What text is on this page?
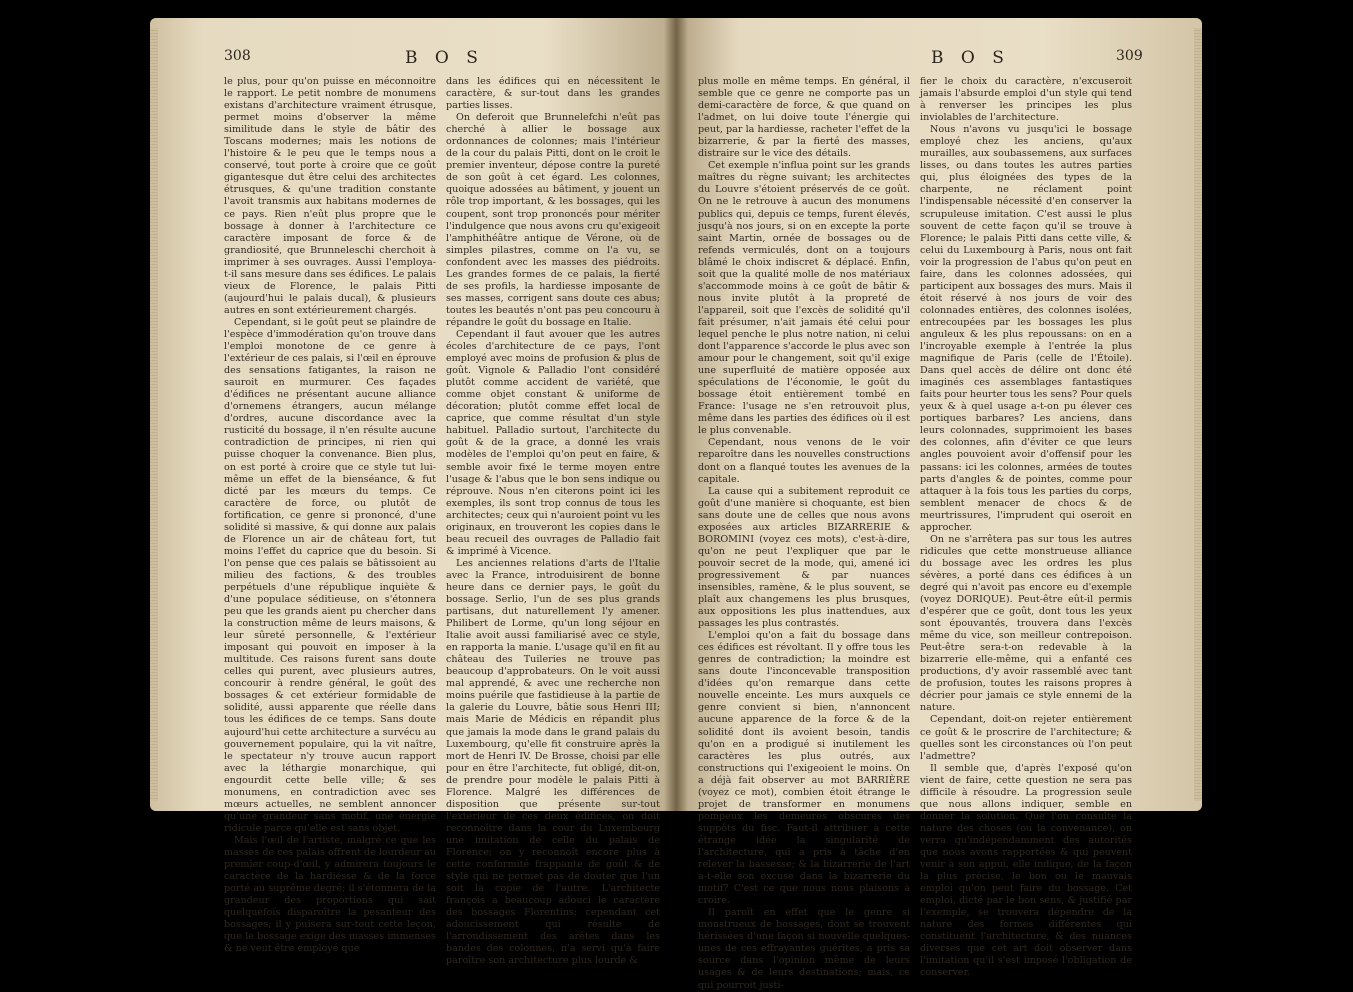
308	B O S

le plus, pour qu'on puisse en méconnoitre le rapport. Le petit nombre de monumens existans d'architecture vraiment étrusque, permet moins d'observer la même similitude dans le style de bâtir des Toscans modernes; mais les notions de l'histoire & le peu que le temps nous a conservé, tout porte à croire que ce goût gigantesque dut être celui des architectes étrusques, & qu'une tradition constante l'avoit transmis aux habitans modernes de ce pays. Rien n'eût plus propre que le bossage à donner à l'architecture ce caractère imposant de force & de grandiosité, que Brunneleschi cherchoit à imprimer à ses ouvrages. Aussi l'employa-t-il sans mesure dans ses édifices. Le palais vieux de Florence, le palais Pitti (aujourd'hui le palais ducal), & plusieurs autres en sont extérieurement chargés.

Cependant, si le goût peut se plaindre de l'espèce d'immodération qu'on trouve dans l'emploi monotone de ce genre à l'extérieur de ces palais, si l'œil en éprouve des sensations fatigantes, la raison ne sauroit en murmurer. Ces façades d'édifices ne présentant aucune alliance d'ornemens étrangers, aucun mélange d'ordres, aucune discordance avec la rusticité du bossage, il n'en résulte aucune contradiction de principes, ni rien qui puisse choquer la convenance. Bien plus, on est porté à croire que ce style tut lui-même un effet de la bienséance, & fut dicté par les mœurs du temps. Ce caractère de force, ou plutôt de fortification, ce genre si prononcé, d'une solidité si massive, & qui donne aux palais de Florence un air de château fort, tut moins l'effet du caprice que du besoin. Si l'on pense que ces palais se bâtissoient au milieu des factions, & des troubles perpétuels d'une république inquiète & d'une populace séditieuse, on s'étonnera peu que les grands aient pu chercher dans la construction même de leurs maisons, & leur sûreté personnelle, & l'extérieur imposant qui pouvoit en imposer à la multitude. Ces raisons furent sans doute celles qui purent, avec plusieurs autres, concourir à rendre général, le goût des bossages & cet extérieur formidable de solidité, aussi apparente que réelle dans tous les édifices de ce temps. Sans doute aujourd'hui cette architecture a survécu au gouvernement populaire, qui la vit naître, le spectateur n'y trouve aucun rapport avec la léthargie monarchique, qui engourdit cette belle ville; & ses monumens, en contradiction avec ses mœurs actuelles, ne semblent annoncer qu'une grandeur sans motif, une énergie ridicule parce qu'elle est sans objet.

Mais l'œil de l'artiste, malgré ce que les masses de ces palais offrent de lourdeur au premier coup-d'œil, y admirera toujours le caractère de la hardiesse & de la force porté au suprême degré; il s'étonnera de la grandeur des proportions qui sait quelquefois disparoître la pesanteur des bossages; il y puisera sur-tout cette leçon, que le bossage exige des masses immenses & ne veut être employé que

dans les édifices qui en nécessitent le caractère, & sur-tout dans les grandes parties lisses.

On deferoit que Brunnelefchi n'eût pas cherché à allier le bossage aux ordonnances de colonnes; mais l'intérieur de la cour du palais Pitti, dont on le croit le premier inventeur, dépose contre la pureté de son goût à cet égard. Les colonnes, quoique adossées au bâtiment, y jouent un rôle trop important, & les bossages, qui les coupent, sont trop prononcés pour mériter l'indulgence que nous avons cru qu'exigeoit l'amphithéâtre antique de Vérone, où de simples pilastres, comme on l'a vu, se confondent avec les masses des piédroits. Les grandes formes de ce palais, la fierté de ses profils, la hardiesse imposante de ses masses, corrigent sans doute ces abus; toutes les beautés n'ont pas peu concouru à répandre le goût du bossage en Italie.

Cependant il faut avouer que les autres écoles d'architecture de ce pays, l'ont employé avec moins de profusion & plus de goût. Vignole & Palladio l'ont considéré plutôt comme accident de variété, que comme objet constant & uniforme de décoration; plutôt comme effet local de caprice, que comme résultat d'un style habituel. Palladio surtout, l'architecte du goût & de la grace, a donné les vrais modèles de l'emploi qu'on peut en faire, & semble avoir fixé le terme moyen entre l'usage & l'abus que le bon sens indique ou réprouve. Nous n'en citerons point ici les exemples, ils sont trop connus de tous les architectes; ceux qui n'auroient point vu les originaux, en trouveront les copies dans le beau recueil des ouvrages de Palladio fait & imprimé à Vicence.

Les anciennes relations d'arts de l'Italie avec la France, introduisirent de bonne heure dans ce dernier pays, le goût du bossage. Serlio, l'un de ses plus grands partisans, dut naturellement l'y amener. Philibert de Lorme, qu'un long séjour en Italie avoit aussi familiarisé avec ce style, en rapporta la manie. L'usage qu'il en fit au château des Tuileries ne trouve pas beaucoup d'approbateurs. On le voit aussi mal apprendé, & avec une recherche non moins puérile que fastidieuse à la partie de la galerie du Louvre, bâtie sous Henri III; mais Marie de Médicis en répandit plus que jamais la mode dans le grand palais du Luxembourg, qu'elle fit construire après la mort de Henri IV. De Brosse, choisi par elle pour en être l'architecte, fut obligé, dit-on, de prendre pour modèle le palais Pitti à Florence. Malgré les différences de disposition que présente sur-tout l'extérieur de ces deux édifices, on doit reconnoître dans la cour du Luxembourg une imitation de celle du palais de Florence; on y reconnoît encore plus à cette conformité frappante de goût & de style qui ne permet pas de douter que l'un soit la copie de l'autre. L'architecte françois a beaucoup adouci le caractère des bossages Florentins; cependant cet adoucissement qui résulte de l'arrondissement des arêtes dans les bandes des colonnes, n'a servi qu'à faire paroître son architecture plus lourde &

B O S	309

plus molle en même temps. En général, il semble que ce genre ne comporte pas un demi-caractère de force, & que quand on l'admet, on lui doive toute l'énergie qui peut, par la hardiesse, racheter l'effet de la bizarrerie, & par la fierté des masses, distraire sur le vice des détails.

Cet exemple n'influa point sur les grands maîtres du règne suivant; les architectes du Louvre s'étoient préservés de ce goût. On ne le retrouve à aucun des monumens publics qui, depuis ce temps, furent élevés, jusqu'à nos jours, si on en excepte la porte saint Martin, ornée de bossages ou de refends vermiculés, dont on a toujours blâmé le choix indiscret & déplacé. Enfin, soit que la qualité molle de nos matériaux s'accommode moins à ce goût de bâtir & nous invite plutôt à la propreté de l'appareil, soit que l'excès de solidité qu'il fait présumer, n'ait jamais été celui pour lequel penche le plus notre nation, ni celui dont l'apparence s'accorde le plus avec son amour pour le changement, soit qu'il exige une superfluité de matière opposée aux spéculations de l'économie, le goût du bossage étoit entièrement tombé en France: l'usage ne s'en retrouvoit plus, même dans les parties des édifices où il est le plus convenable.

Cependant, nous venons de le voir reparoître dans les nouvelles constructions dont on a flanqué toutes les avenues de la capitale.

La cause qui a subitement reproduit ce goût d'une manière si choquante, est bien sans doute une de celles que nous avons exposées aux articles BIZARRERIE & BOROMINI (voyez ces mots), c'est-à-dire, qu'on ne peut l'expliquer que par le pouvoir secret de la mode, qui, amené ici progressivement & par nuances insensibles, ramène, & le plus souvent, se plaît aux changemens les plus brusques, aux oppositions les plus inattendues, aux passages les plus contrastés.

L'emploi qu'on a fait du bossage dans ces édifices est révoltant. Il y offre tous les genres de contradiction; la moindre est sans doute l'inconcevable transposition d'idées qu'on remarque dans cette nouvelle enceinte. Les murs auxquels ce genre convient si bien, n'annoncent aucune apparence de la force & de la solidité dont ils avoient besoin, tandis qu'on en a prodigué si inutilement les caractères les plus outrés, aux constructions qui l'exigeoient le moins. On a déjà fait observer au mot BARRIÈRE (voyez ce mot), combien étoit étrange le projet de transformer en monumens pompeux les demeures obscures des suppôts du fisc. Faut-il attribuer à cette étrange idée la singularité de l'architecture, qui a pris à tâche d'en relever la bassesse; & la bizarrerie de l'art a-t-elle son excuse dans la bizarrerie du motif? C'est ce que nous nous plaisons à croire.

Il paroît en effet que le genre si monstrueux de bossages, dont se trouvent hérissées d'une façon si nouvelle quelques-unes de ces effrayantes guérites, a pris sa source dans l'opinion même de leurs usages & de leurs destinations; mais, ce qui pourroit justi-

fier le choix du caractère, n'excuseroit jamais l'absurde emploi d'un style qui tend à renverser les principes les plus inviolables de l'architecture.

Nous n'avons vu jusqu'ici le bossage employé chez les anciens, qu'aux murailles, aux soubassemens, aux surfaces lisses, ou dans toutes les autres parties qui, plus éloignées des types de la charpente, ne réclament point l'indispensable nécessité d'en conserver la scrupuleuse imitation. C'est aussi le plus souvent de cette façon qu'il se trouve à Florence; le palais Pitti dans cette ville, & celui du Luxembourg à Paris, nous ont fait voir la progression de l'abus qu'on peut en faire, dans les colonnes adossées, qui participent aux bossages des murs. Mais il étoit réservé à nos jours de voir des colonnades entières, des colonnes isolées, entrecoupées par les bossages les plus anguleux & les plus repoussans: on en a l'incroyable exemple à l'entrée la plus magnifique de Paris (celle de l'Étoile). Dans quel accès de délire ont donc été imaginés ces assemblages fantastiques faits pour heurter tous les sens? Pour quels yeux & à quel usage a-t-on pu élever ces portiques barbares? Les anciens, dans leurs colonnades, supprimoient les bases des colonnes, afin d'éviter ce que leurs angles pouvoient avoir d'offensif pour les passans: ici les colonnes, armées de toutes parts d'angles & de pointes, comme pour attaquer à la fois tous les parties du corps, semblent menacer de chocs & de meurtrissures, l'imprudent qui oseroit en approcher.

On ne s'arrêtera pas sur tous les autres ridicules que cette monstrueuse alliance du bossage avec les ordres les plus sévères, a porté dans ces édifices à un degré qui n'avoit pas encore eu d'exemple (voyez DORIQUE). Peut-être eût-il permis d'espérer que ce goût, dont tous les yeux sont épouvantés, trouvera dans l'excès même du vice, son meilleur contrepoison. Peut-être sera-t-on redevable à la bizarrerie elle-même, qui a enfanté ces productions, d'y avoir rassemblé avec tant de profusion, toutes les raisons propres à décrier pour jamais ce style ennemi de la nature.

Cependant, doit-on rejeter entièrement ce goût & le proscrire de l'architecture; & quelles sont les circonstances où l'on peut l'admettre?

Il semble que, d'après l'exposé qu'on vient de faire, cette question ne sera pas difficile à résoudre. La progression seule que nous allons indiquer, semble en donner la solution. Que l'on consulte la nature des choses (ou la convenance), on verra qu'indépendamment des autorités que nous avons rapportées & qui peuvent venir à son appui, elle indique, de la façon la plus précise, le bon ou le mauvais emploi qu'on peut faire du bossage. Cet emploi, dicté par le bon sens, & justifié par l'exemple, se trouvera dépendre de la nature des formes différentes qui constituent l'architecture, & des nuances diverses que cet art doit observer dans l'imitation qu'il s'est imposé l'obligation de conserver.
